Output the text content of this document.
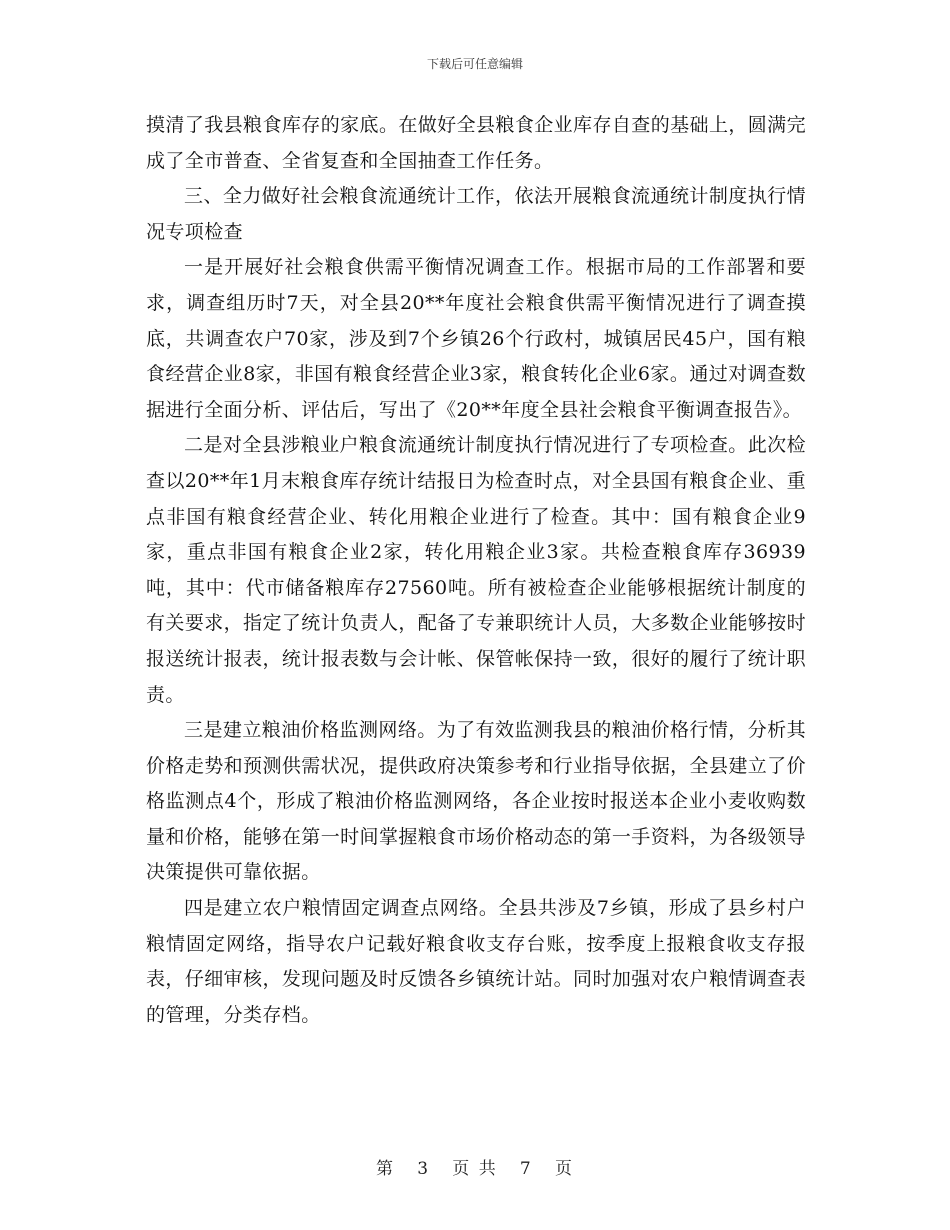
下载后可任意编辑

摸清了我县粮食库存的家底。在做好全县粮食企业库存自查的基础上，圆满完成了全市普查、全省复查和全国抽查工作任务。

三、全力做好社会粮食流通统计工作，依法开展粮食流通统计制度执行情况专项检查

一是开展好社会粮食供需平衡情况调查工作。根据市局的工作部署和要求，调查组历时7天，对全县20**年度社会粮食供需平衡情况进行了调查摸底，共调查农户70家，涉及到7个乡镇26个行政村，城镇居民45户，国有粮食经营企业8家，非国有粮食经营企业3家，粮食转化企业6家。通过对调查数据进行全面分析、评估后，写出了《20**年度全县社会粮食平衡调查报告》。

二是对全县涉粮业户粮食流通统计制度执行情况进行了专项检查。此次检查以20**年1月末粮食库存统计结报日为检查时点，对全县国有粮食企业、重点非国有粮食经营企业、转化用粮企业进行了检查。其中：国有粮食企业9家，重点非国有粮食企业2家，转化用粮企业3家。共检查粮食库存36939吨，其中：代市储备粮库存27560吨。所有被检查企业能够根据统计制度的有关要求，指定了统计负责人，配备了专兼职统计人员，大多数企业能够按时报送统计报表，统计报表数与会计帐、保管帐保持一致，很好的履行了统计职责。

三是建立粮油价格监测网络。为了有效监测我县的粮油价格行情，分析其价格走势和预测供需状况，提供政府决策参考和行业指导依据，全县建立了价格监测点4个，形成了粮油价格监测网络，各企业按时报送本企业小麦收购数量和价格，能够在第一时间掌握粮食市场价格动态的第一手资料，为各级领导决策提供可靠依据。

四是建立农户粮情固定调查点网络。全县共涉及7乡镇，形成了县乡村户粮情固定网络，指导农户记载好粮食收支存台账，按季度上报粮食收支存报表，仔细审核，发现问题及时反馈各乡镇统计站。同时加强对农户粮情调查表的管理，分类存档。

第 3 页 共 7 页
